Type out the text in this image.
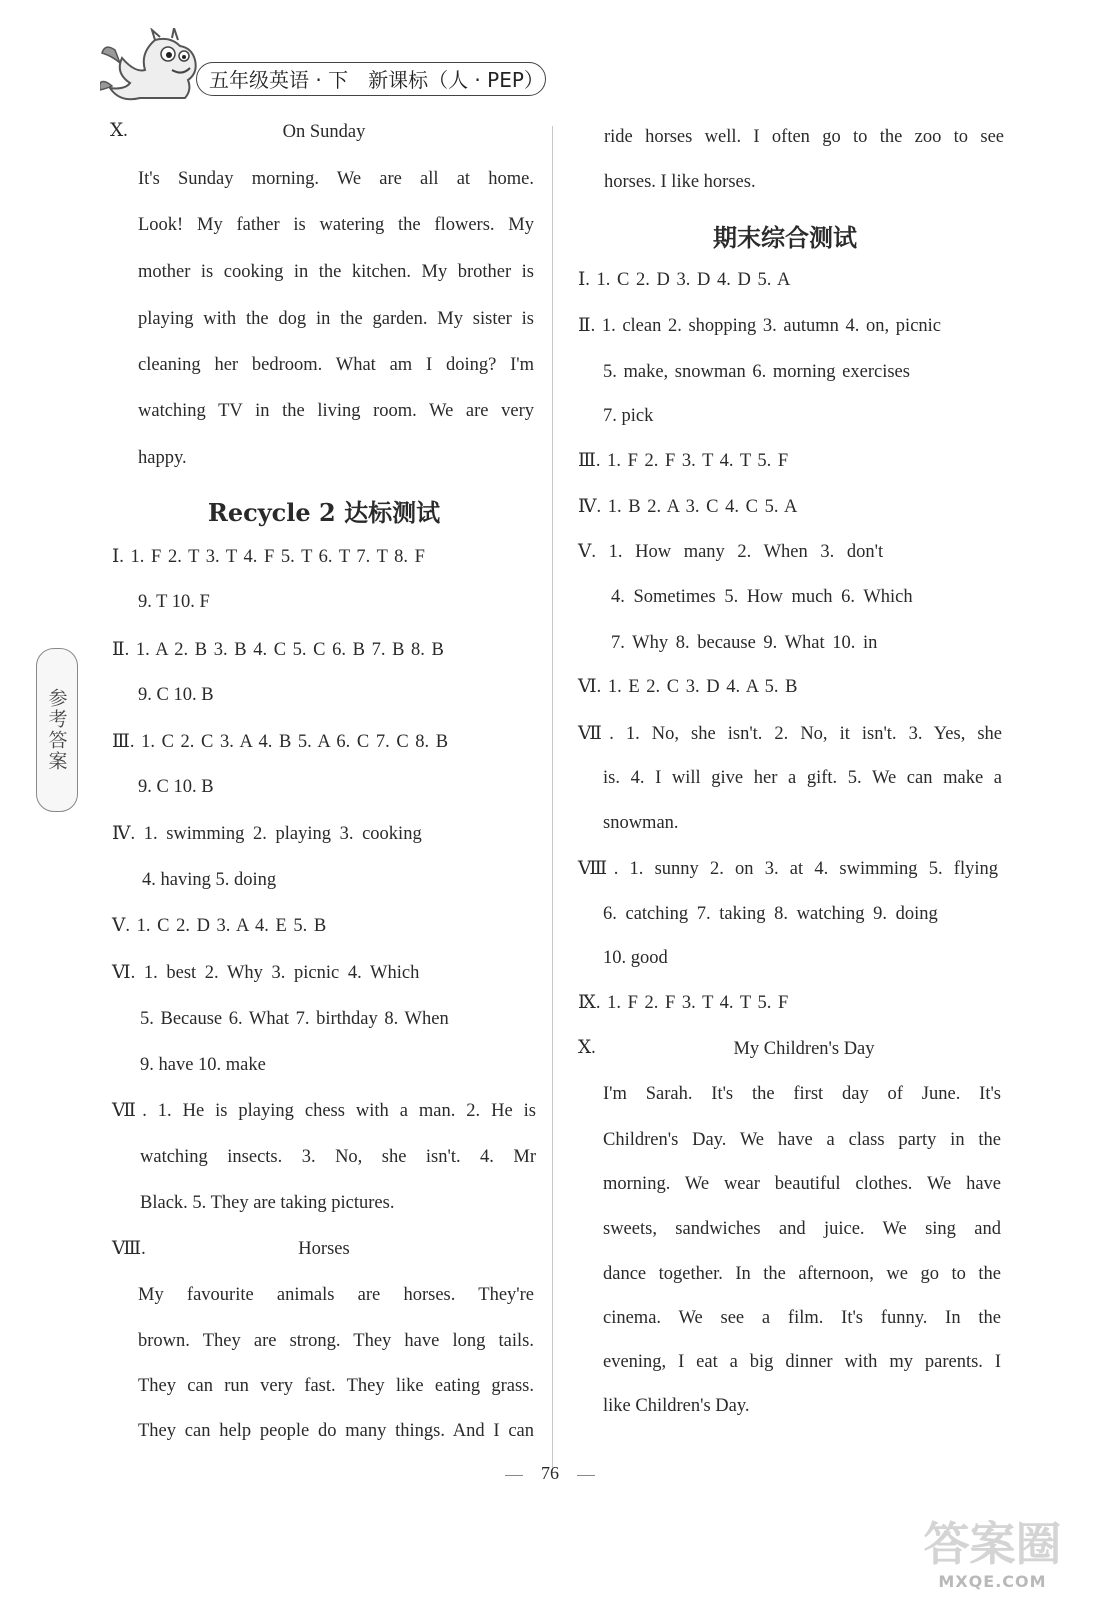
五年级英语 · 下　新课标（人 · PEP）
参考答案
Ⅹ.	On Sunday
It's Sunday morning. We are all at home.
Look! My father is watering the flowers. My
mother is cooking in the kitchen. My brother is
playing with the dog in the garden. My sister is
cleaning her bedroom. What am I doing? I'm
watching TV in the living room. We are very
happy.
Recycle 2 达标测试
Ⅰ. 1. F 2. T 3. T 4. F 5. T 6. T 7. T 8. F
9. T 10. F
Ⅱ. 1. A 2. B 3. B 4. C 5. C 6. B 7. B 8. B
9. C 10. B
Ⅲ. 1. C 2. C 3. A 4. B 5. A 6. C 7. C 8. B
9. C 10. B
Ⅳ. 1. swimming 2. playing 3. cooking
4. having 5. doing
Ⅴ. 1. C 2. D 3. A 4. E 5. B
Ⅵ. 1. best 2. Why 3. picnic 4. Which
5. Because 6. What 7. birthday 8. When
9. have 10. make
Ⅶ. 1. He is playing chess with a man. 2. He is
watching insects. 3. No, she isn't. 4. Mr
Black. 5. They are taking pictures.
Ⅷ.	Horses
My favourite animals are horses. They're
brown. They are strong. They have long tails.
They can run very fast. They like eating grass.
They can help people do many things. And I can
ride horses well. I often go to the zoo to see
horses. I like horses.
期末综合测试
Ⅰ. 1. C 2. D 3. D 4. D 5. A
Ⅱ. 1. clean 2. shopping 3. autumn 4. on, picnic
5. make, snowman 6. morning exercises
7. pick
Ⅲ. 1. F 2. F 3. T 4. T 5. F
Ⅳ. 1. B 2. A 3. C 4. C 5. A
Ⅴ. 1. How many 2. When 3. don't
4. Sometimes 5. How much 6. Which
7. Why 8. because 9. What 10. in
Ⅵ. 1. E 2. C 3. D 4. A 5. B
Ⅶ. 1. No, she isn't. 2. No, it isn't. 3. Yes, she
is. 4. I will give her a gift. 5. We can make a
snowman.
Ⅷ. 1. sunny 2. on 3. at 4. swimming 5. flying
6. catching 7. taking 8. watching 9. doing
10. good
Ⅸ. 1. F 2. F 3. T 4. T 5. F
Ⅹ.	My Children's Day
I'm Sarah. It's the first day of June. It's
Children's Day. We have a class party in the
morning. We wear beautiful clothes. We have
sweets, sandwiches and juice. We sing and
dance together. In the afternoon, we go to the
cinema. We see a film. It's funny. In the
evening, I eat a big dinner with my parents. I
like Children's Day.
76
答案圈
MXQE.COM
